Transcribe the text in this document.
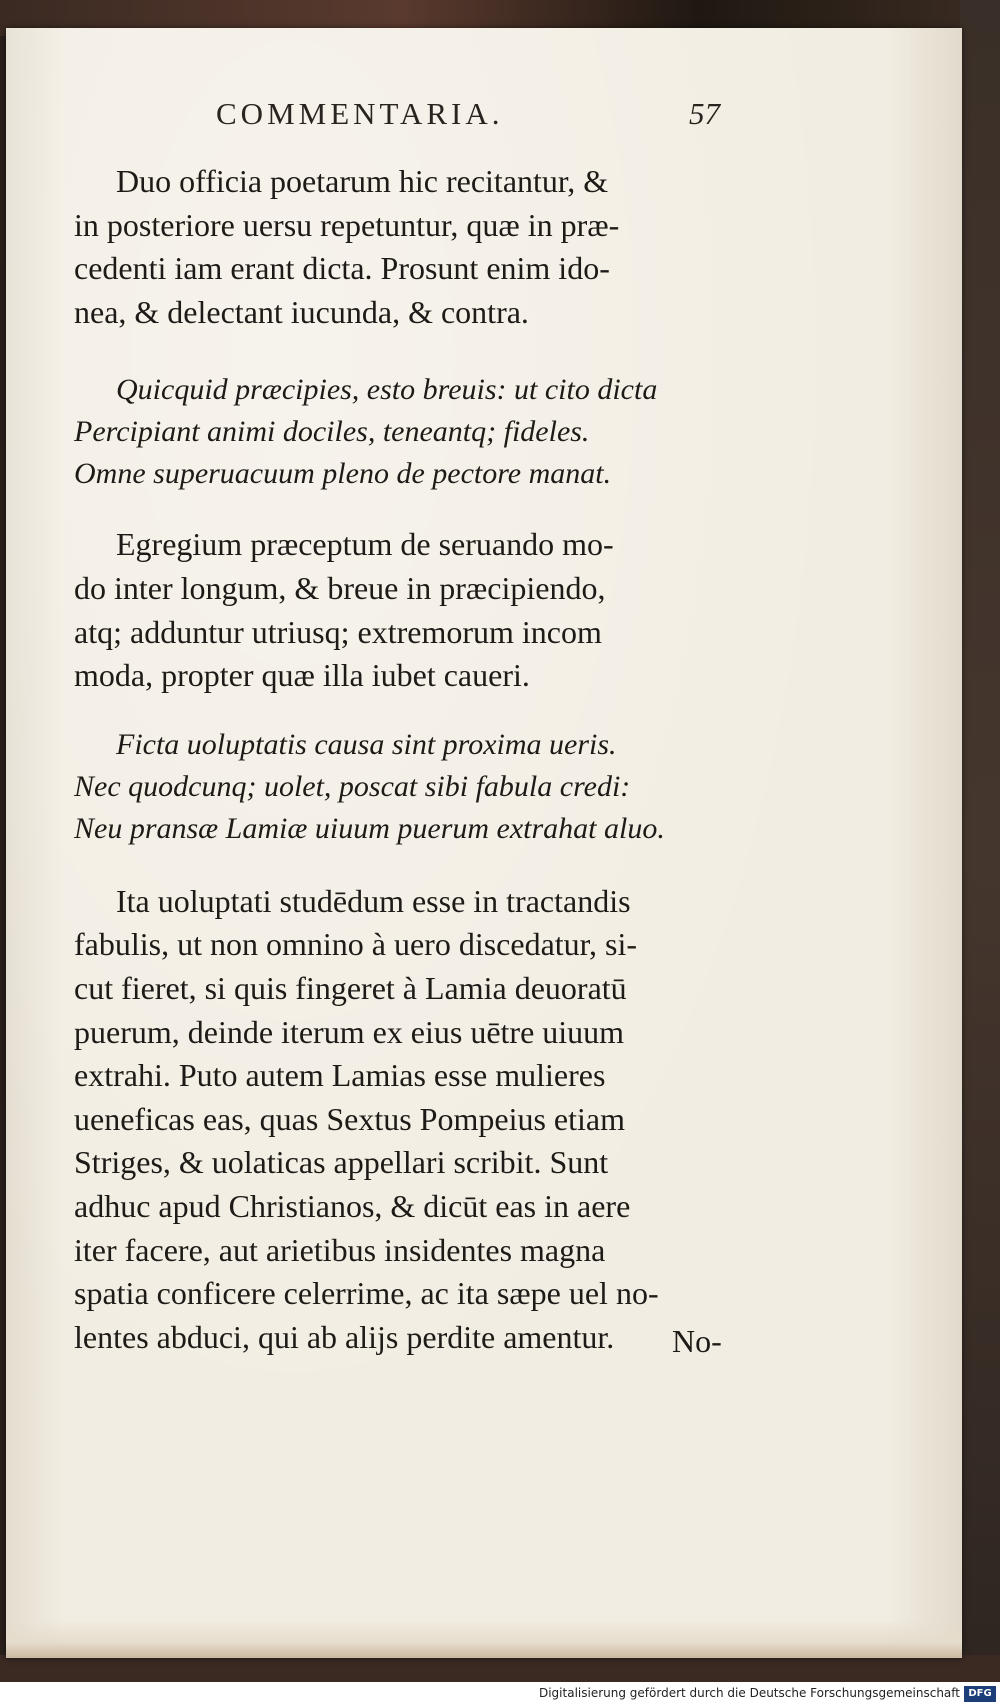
COMMENTARIA.	57

Duo officia poetarum hic recitantur, &
in posteriore uersu repetuntur, quæ in præ-
cedenti iam erant dicta. Prosunt enim ido-
nea, & delectant iucunda, & contra.

Quicquid præcipies, esto breuis: ut cito dicta
Percipiant animi dociles, teneantq; fideles.
Omne superuacuum pleno de pectore manat.

Egregium præceptum de seruando mo-
do inter longum, & breue in præcipiendo,
atq; adduntur utriusq; extremorum incom
moda, propter quæ illa iubet caueri.

Ficta uoluptatis causa sint proxima ueris.
Nec quodcunq; uolet, poscat sibi fabula credi:
Neu pransæ Lamiæ uiuum puerum extrahat aluo.

Ita uoluptati studēdum esse in tractandis
fabulis, ut non omnino à uero discedatur, si-
cut fieret, si quis fingeret à Lamia deuoratū
puerum, deinde iterum ex eius uētre uiuum
extrahi. Puto autem Lamias esse mulieres
ueneficas eas, quas Sextus Pompeius etiam
Striges, & uolaticas appellari scribit. Sunt
adhuc apud Christianos, & dicūt eas in aere
iter facere, aut arietibus insidentes magna
spatia conficere celerrime, ac ita sæpe uel no-
lentes abduci, qui ab alijs perdite amentur.	No-
Digitalisierung gefördert durch die Deutsche Forschungsgemeinschaft DFG
